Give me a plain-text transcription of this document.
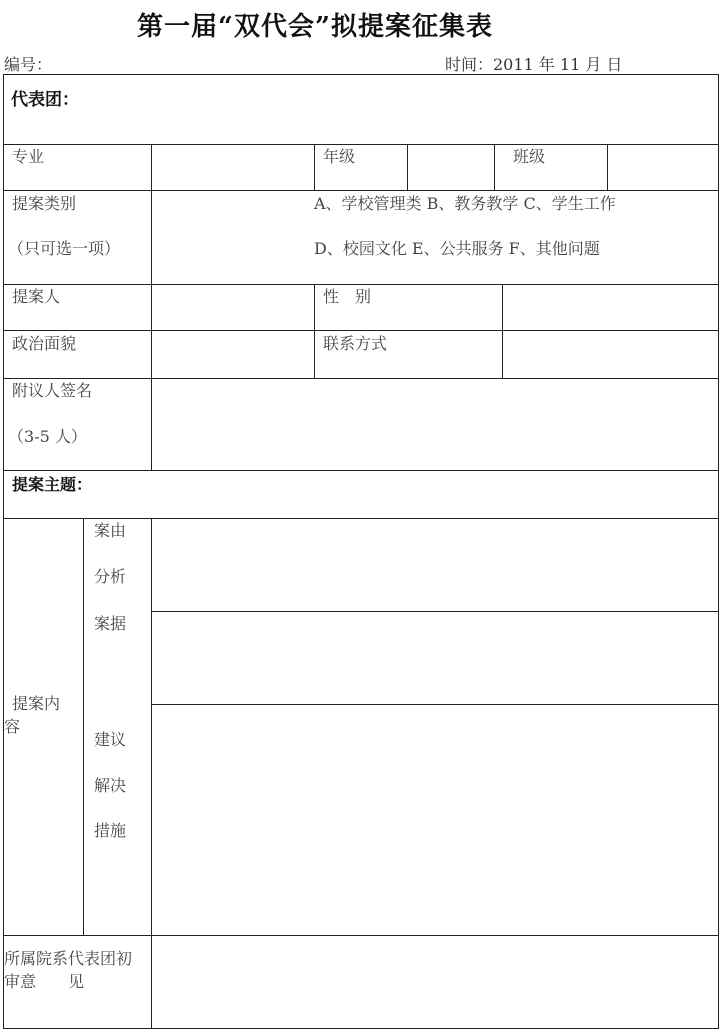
第一届“双代会”拟提案征集表
编号：	时间：2011 年 11 月 日
代表团：
专业	年级	班级
提案类别
（只可选一项）
A、学校管理类 B、教务教学 C、学生工作
D、校园文化 E、公共服务 F、其他问题
提案人	性　别
政治面貌	联系方式
附议人签名
（3-5 人）
提案主题：
提案内
容
案由
分析
案据
建议
解决
措施
所属院系代表团初
审意　　见
